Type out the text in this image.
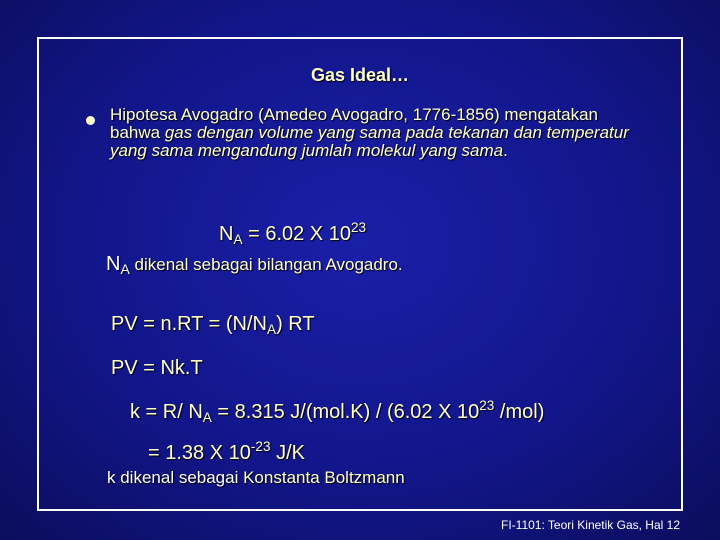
Gas Ideal…
Hipotesa Avogadro (Amedeo Avogadro, 1776-1856) mengatakan bahwa gas dengan volume yang sama pada tekanan dan temperatur yang sama mengandung jumlah molekul yang sama.
$N_A = 6.02$ X $10^{23}$
NA dikenal sebagai bilangan Avogadro.
PV = $n.RT = (N/N_A)$ RT
PV = Nk.T
k = R/ $N_A = 8.315$ J/(mol.K) / (6.02 X $10^{23}$ /mol)
= 1.38 X $10^{-23}$ J/K
k dikenal sebagai Konstanta Boltzmann
FI-1101: Teori Kinetik Gas, Hal 12
